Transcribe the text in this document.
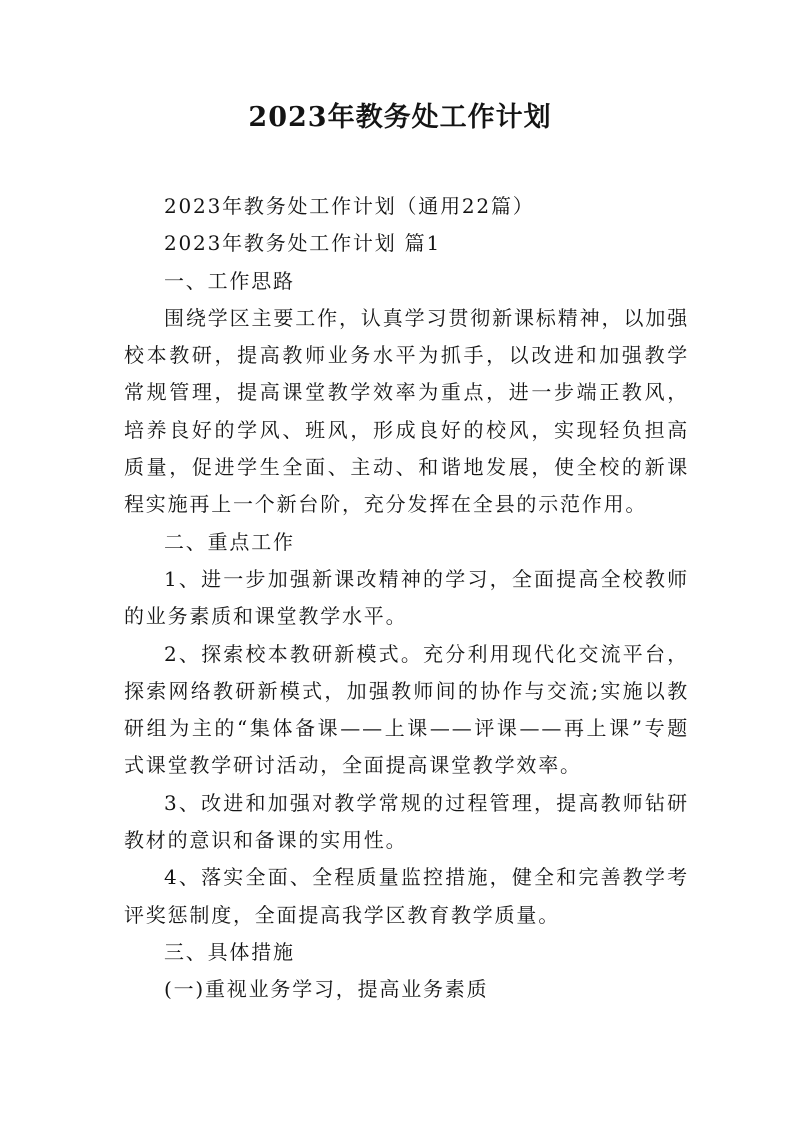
2023年教务处工作计划

2023年教务处工作计划（通用22篇）

2023年教务处工作计划 篇1

一、工作思路

围绕学区主要工作，认真学习贯彻新课标精神，以加强校本教研，提高教师业务水平为抓手，以改进和加强教学常规管理，提高课堂教学效率为重点，进一步端正教风，培养良好的学风、班风，形成良好的校风，实现轻负担高质量，促进学生全面、主动、和谐地发展，使全校的新课程实施再上一个新台阶，充分发挥在全县的示范作用。

二、重点工作

1、进一步加强新课改精神的学习，全面提高全校教师的业务素质和课堂教学水平。

2、探索校本教研新模式。充分利用现代化交流平台，探索网络教研新模式，加强教师间的协作与交流;实施以教研组为主的“集体备课——上课——评课——再上课”专题式课堂教学研讨活动，全面提高课堂教学效率。

3、改进和加强对教学常规的过程管理，提高教师钻研教材的意识和备课的实用性。

4、落实全面、全程质量监控措施，健全和完善教学考评奖惩制度，全面提高我学区教育教学质量。

三、具体措施

(一)重视业务学习，提高业务素质
